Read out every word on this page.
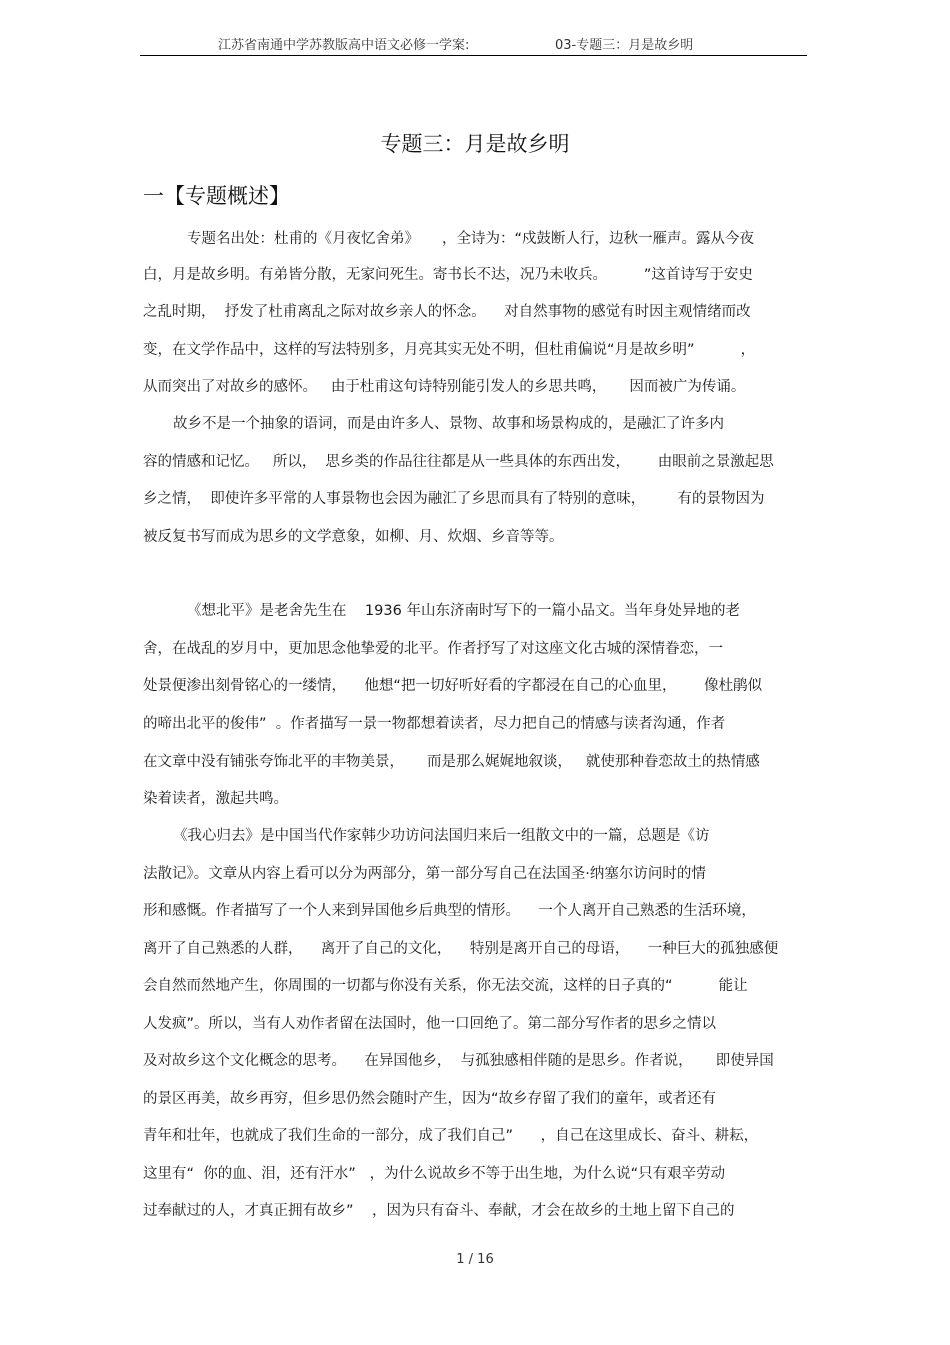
江苏省南通中学苏教版高中语文必修一学案:

	03-专题三：月是故乡明

专题三：月是故乡明
一【专题概述】
专题名出处：杜甫的《月夜忆舍弟》     ，全诗为：“戍鼓断人行，边秋一雁声。露从今夜
白，月是故乡明。有弟皆分散，无家问死生。寄书长不达，况乃未收兵。        ”这首诗写于安史
之乱时期，  抒发了杜甫离乱之际对故乡亲人的怀念。    对自然事物的感觉有时因主观情绪而改
变，在文学作品中，这样的写法特别多，月亮其实无处不明，但杜甫偏说“月是故乡明”          ，
从而突出了对故乡的感怀。   由于杜甫这句诗特别能引发人的乡思共鸣，     因而被广为传诵。
故乡不是一个抽象的语词，而是由许多人、景物、故事和场景构成的，是融汇了许多内
容的情感和记忆。   所以，  思乡类的作品往往都是从一些具体的东西出发，      由眼前之景激起思
乡之情，  即使许多平常的人事景物也会因为融汇了乡思而具有了特别的意味，       有的景物因为
被反复书写而成为思乡的文学意象，如柳、月、炊烟、乡音等等。
《想北平》是老舍先生在    1936 年山东济南时写下的一篇小品文。当年身处异地的老
舍，在战乱的岁月中，更加思念他挚爱的北平。作者抒写了对这座文化古城的深情眷恋，一
处景便渗出刻骨铭心的一缕情，    他想“把一切好听好看的字都浸在自己的心血里，      像杜鹃似
的啼出北平的俊伟”  。作者描写一景一物都想着读者，尽力把自己的情感与读者沟通，作者
在文章中没有铺张夸饰北平的丰物美景，     而是那么娓娓地叙谈，   就使那种眷恋故土的热情感
染着读者，激起共鸣。
《我心归去》是中国当代作家韩少功访问法国归来后一组散文中的一篇，总题是《访
法散记》。文章从内容上看可以分为两部分，第一部分写自己在法国圣·纳塞尔访问时的情
形和感慨。作者描写了一个人来到异国他乡后典型的情形。    一个人离开自己熟悉的生活环境，
离开了自己熟悉的人群，    离开了自己的文化，    特别是离开自己的母语，    一种巨大的孤独感便
会自然而然地产生，你周围的一切都与你没有关系，你无法交流，这样的日子真的“          能让
人发疯”。所以，当有人劝作者留在法国时，他一口回绝了。第二部分写作者的思乡之情以
及对故乡这个文化概念的思考。    在异国他乡，  与孤独感相伴随的是思乡。作者说，     即使异国
的景区再美，故乡再穷，但乡思仍然会随时产生，因为“故乡存留了我们的童年，或者还有
青年和壮年，也就成了我们生命的一部分，成了我们自己”      ，自己在这里成长、奋斗、耕耘，
这里有“  你的血、泪，还有汗水”   ，为什么说故乡不等于出生地，为什么说“只有艰辛劳动
过奉献过的人，才真正拥有故乡”    ，因为只有奋斗、奉献，才会在故乡的土地上留下自己的
1 / 16
